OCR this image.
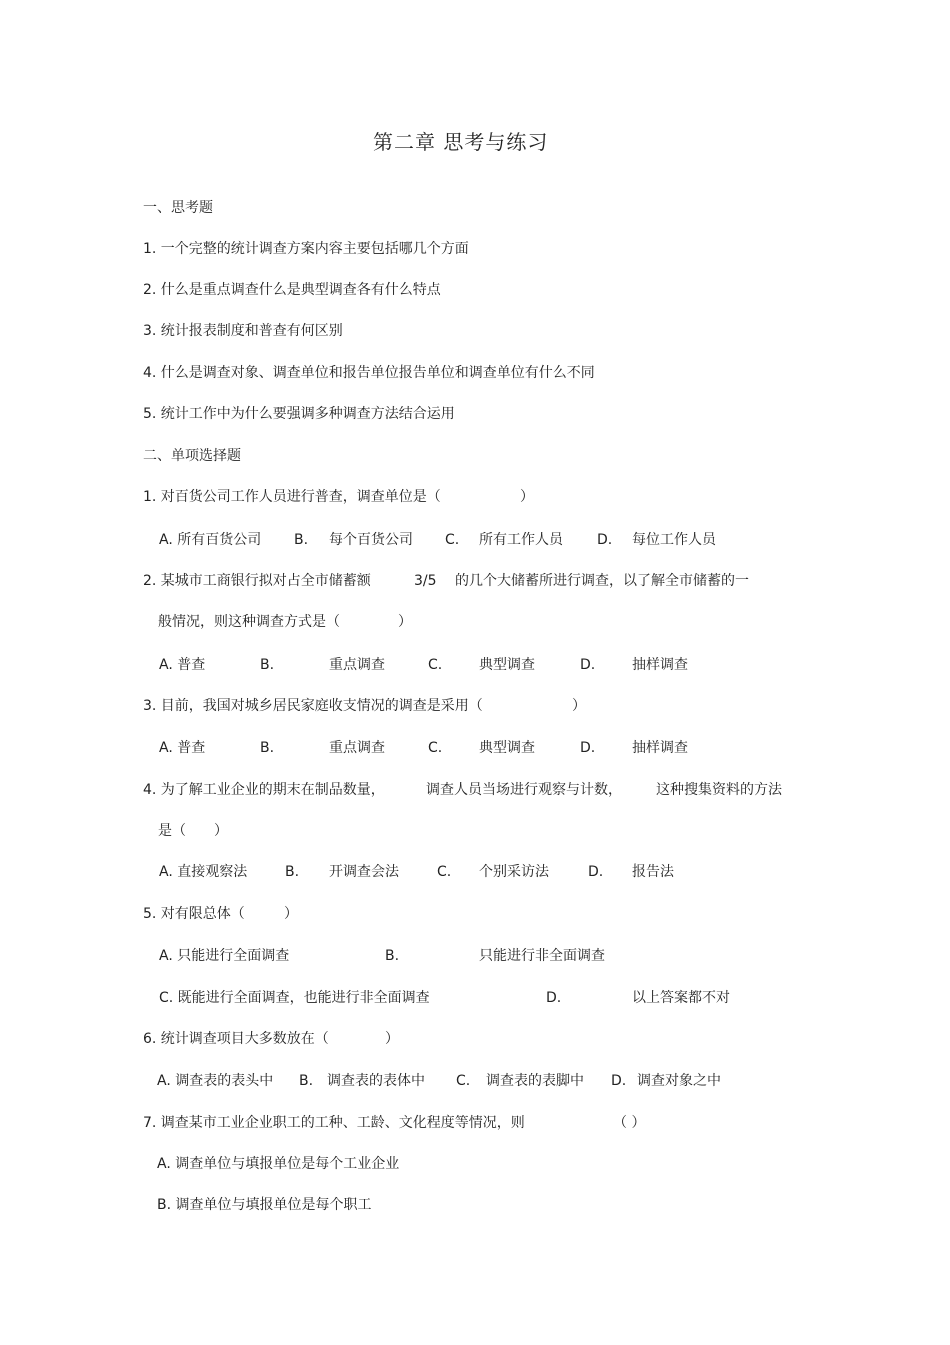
第二章 思考与练习
一、思考题
1. 一个完整的统计调查方案内容主要包括哪几个方面
2. 什么是重点调查什么是典型调查各有什么特点
3. 统计报表制度和普查有何区别
4. 什么是调查对象、调查单位和报告单位报告单位和调查单位有什么不同
5. 统计工作中为什么要强调多种调查方法结合运用
二、单项选择题
1. 对百货公司工作人员进行普查，调查单位是（	）
A. 所有百货公司 B. 每个百货公司 C. 所有工作人员 D. 每位工作人员
2. 某城市工商银行拟对占全市储蓄额	3/5 的几个大储蓄所进行调查，以了解全市储蓄的一
般情况，则这种调查方式是（	）
A. 普查	B.	重点调查	C.	典型调查	D.	抽样调查
3. 目前，我国对城乡居民家庭收支情况的调查是采用（	）
A. 普查	B.	重点调查	C.	典型调查	D.	抽样调查
4. 为了解工业企业的期末在制品数量，	调查人员当场进行观察与计数， 这种搜集资料的方法
是（ ）
A. 直接观察法	B. 开调查会法	C. 个别采访法	D. 报告法
5. 对有限总体（	）
A. 只能进行全面调查	B.	只能进行非全面调查
C. 既能进行全面调查，也能进行非全面调查	D.	以上答案都不对
6. 统计调查项目大多数放在（	）
A. 调查表的表头中 B. 调查表的表体中 C. 调查表的表脚中 D. 调查对象之中
7. 调查某市工业企业职工的工种、工龄、文化程度等情况，则	（ ）
A. 调查单位与填报单位是每个工业企业
B. 调查单位与填报单位是每个职工
